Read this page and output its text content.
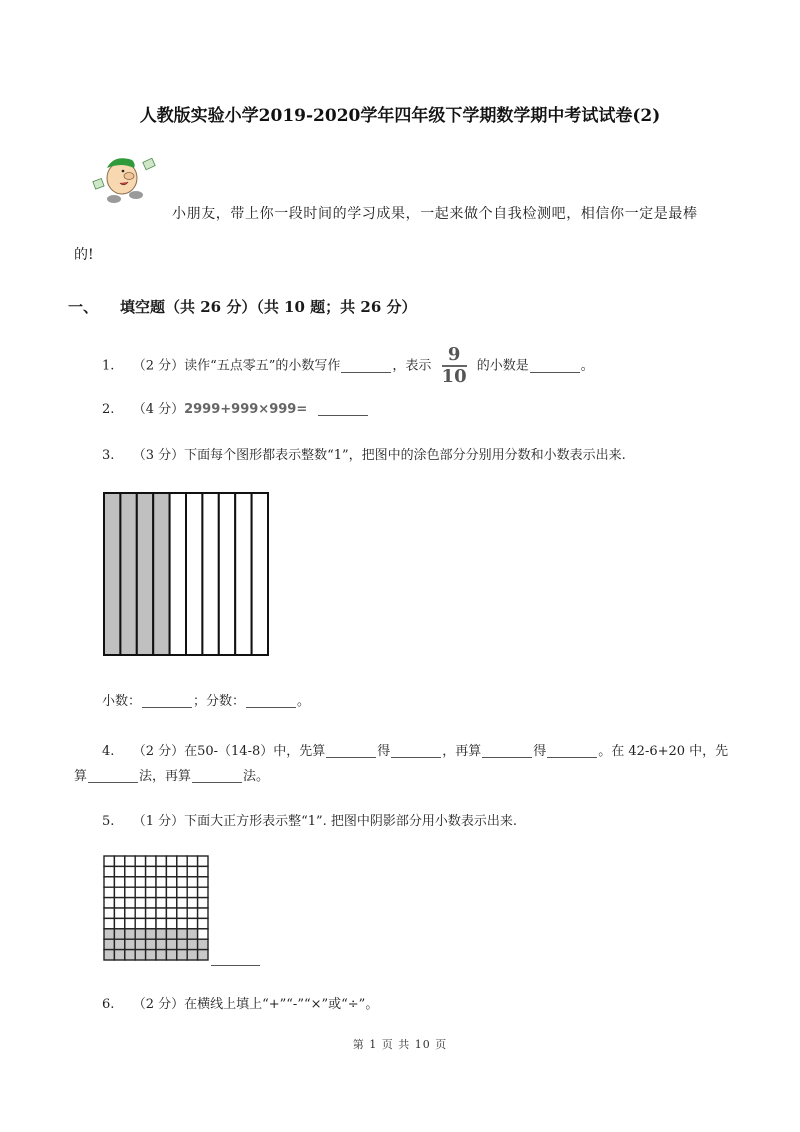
人教版实验小学2019-2020学年四年级下学期数学期中考试试卷(2)
小朋友，带上你一段时间的学习成果，一起来做个自我检测吧，相信你一定是最棒
的!
一、 填空题（共 26 分）（共 10 题；共 26 分）
1. （2 分）读作“五点零五”的小数写作	，表示 $\frac{9}{10}$ 的小数是	。
2. （4 分）2999+999×999=
3. （3 分）下面每个图形都表示整数“1”，把图中的涂色部分分别用分数和小数表示出来.
小数：	；分数：	。
4. （2 分）在50-（14-8）中，先算	得	，再算	得	。在 42-6+20 中，先
算	法，再算	法。
5. （1 分）下面大正方形表示整“1”. 把图中阴影部分用小数表示出来.
6. （2 分）在横线上填上“+”“-”“×”或“÷”。
第 1 页 共 10 页
